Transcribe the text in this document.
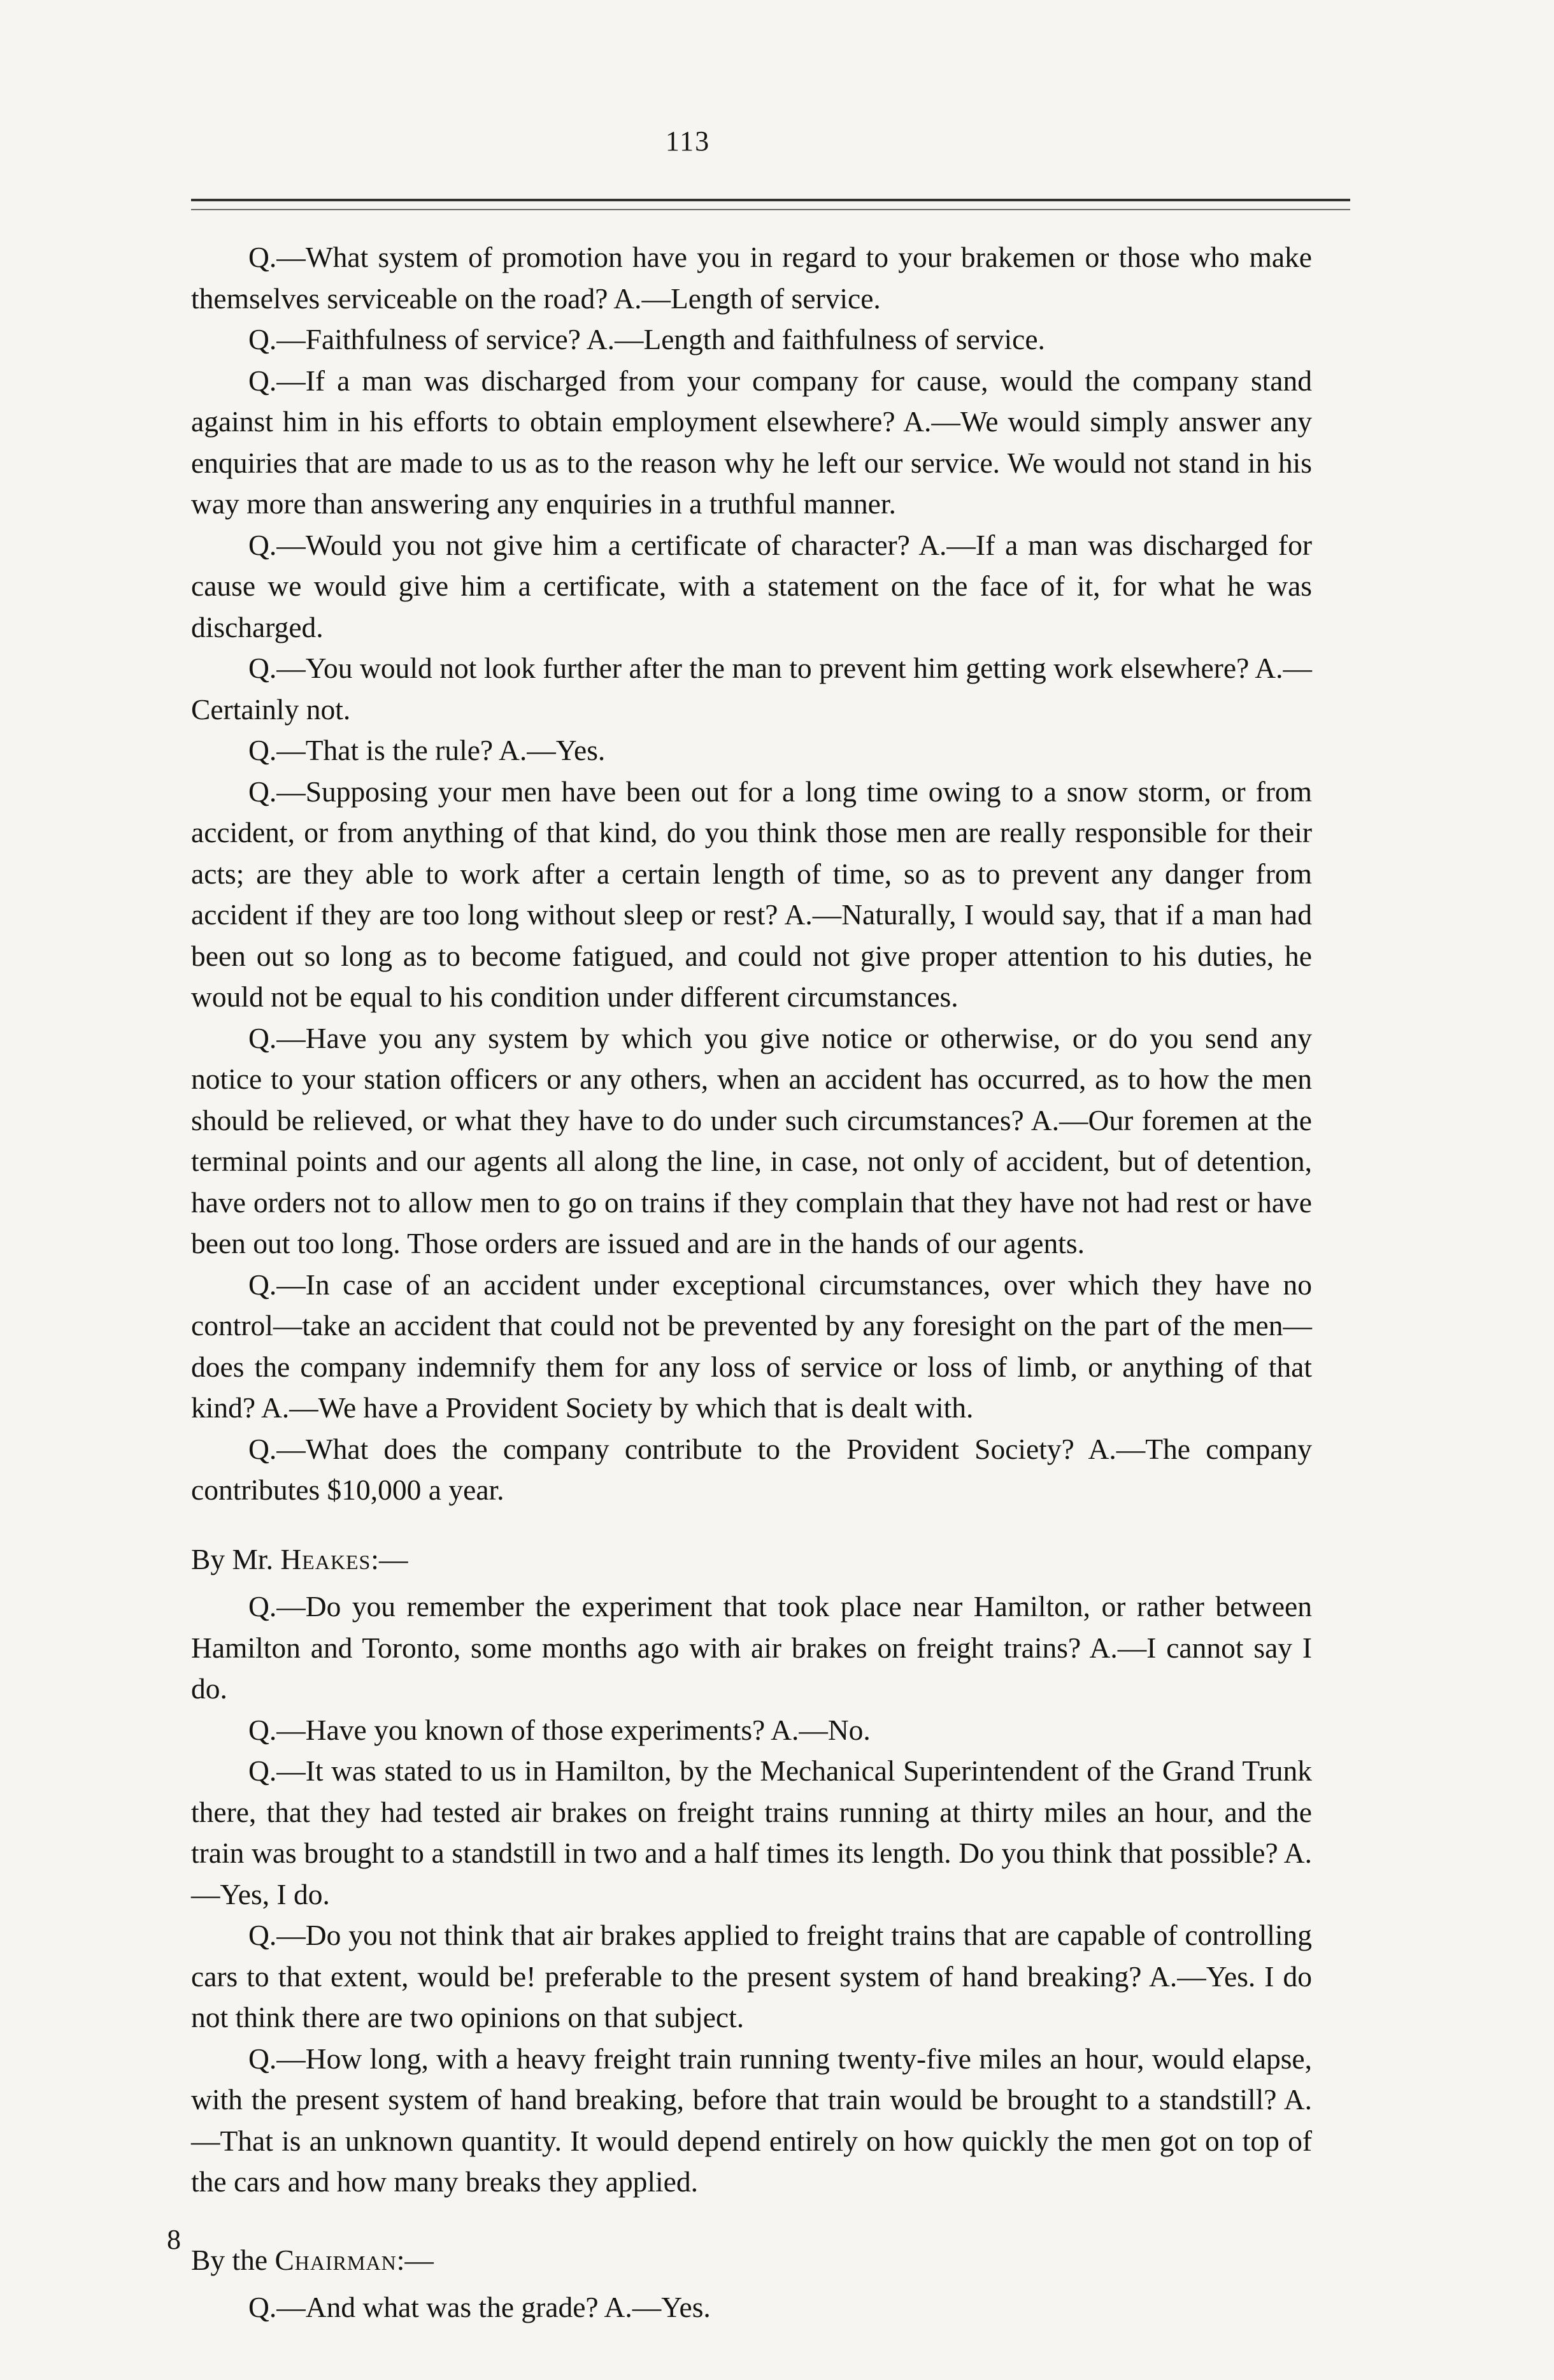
113

Q.—What system of promotion have you in regard to your brakemen or those who make themselves serviceable on the road? A.—Length of service.

Q.—Faithfulness of service? A.—Length and faithfulness of service.

Q.—If a man was discharged from your company for cause, would the company stand against him in his efforts to obtain employment elsewhere? A.—We would simply answer any enquiries that are made to us as to the reason why he left our service. We would not stand in his way more than answering any enquiries in a truthful manner.

Q.—Would you not give him a certificate of character? A.—If a man was discharged for cause we would give him a certificate, with a statement on the face of it, for what he was discharged.

Q.—You would not look further after the man to prevent him getting work elsewhere? A.—Certainly not.

Q.—That is the rule? A.—Yes.

Q.—Supposing your men have been out for a long time owing to a snow storm, or from accident, or from anything of that kind, do you think those men are really responsible for their acts; are they able to work after a certain length of time, so as to prevent any danger from accident if they are too long without sleep or rest? A.—Naturally, I would say, that if a man had been out so long as to become fatigued, and could not give proper attention to his duties, he would not be equal to his condition under different circumstances.

Q.—Have you any system by which you give notice or otherwise, or do you send any notice to your station officers or any others, when an accident has occurred, as to how the men should be relieved, or what they have to do under such circumstances? A.—Our foremen at the terminal points and our agents all along the line, in case, not only of accident, but of detention, have orders not to allow men to go on trains if they complain that they have not had rest or have been out too long. Those orders are issued and are in the hands of our agents.

Q.—In case of an accident under exceptional circumstances, over which they have no control—take an accident that could not be prevented by any foresight on the part of the men—does the company indemnify them for any loss of service or loss of limb, or anything of that kind? A.—We have a Provident Society by which that is dealt with.

Q.—What does the company contribute to the Provident Society? A.—The company contributes $10,000 a year.

By Mr. Heakes:—

Q.—Do you remember the experiment that took place near Hamilton, or rather between Hamilton and Toronto, some months ago with air brakes on freight trains? A.—I cannot say I do.

Q.—Have you known of those experiments? A.—No.

Q.—It was stated to us in Hamilton, by the Mechanical Superintendent of the Grand Trunk there, that they had tested air brakes on freight trains running at thirty miles an hour, and the train was brought to a standstill in two and a half times its length. Do you think that possible? A.—Yes, I do.

Q.—Do you not think that air brakes applied to freight trains that are capable of controlling cars to that extent, would be! preferable to the present system of hand breaking? A.—Yes. I do not think there are two opinions on that subject.

Q.—How long, with a heavy freight train running twenty-five miles an hour, would elapse, with the present system of hand breaking, before that train would be brought to a standstill? A.—That is an unknown quantity. It would depend entirely on how quickly the men got on top of the cars and how many breaks they applied.

By the Chairman:—

Q.—And what was the grade? A.—Yes.

8
